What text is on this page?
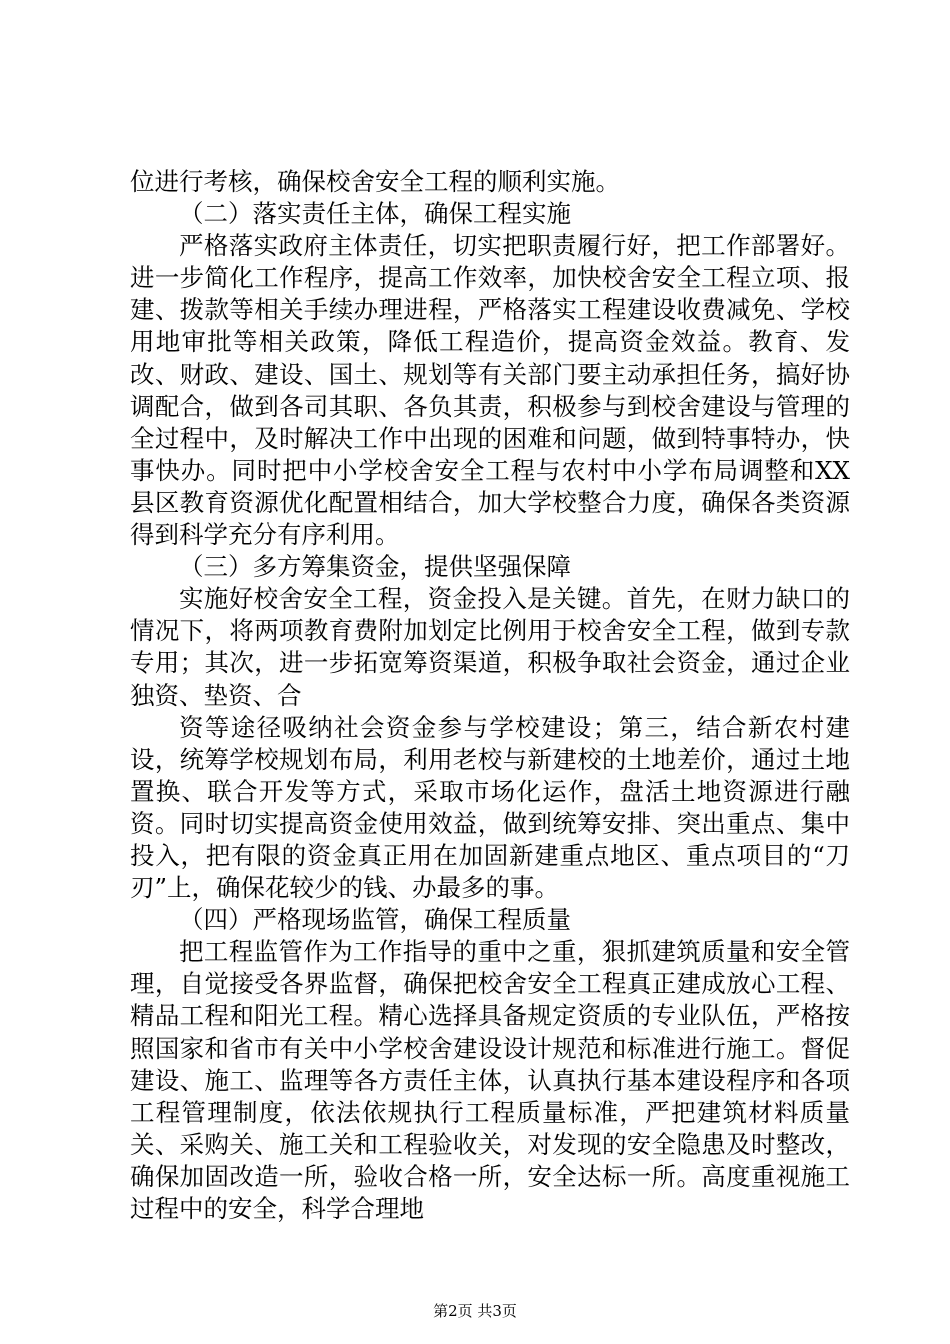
位进行考核，确保校舍安全工程的顺利实施。

（二）落实责任主体，确保工程实施

严格落实政府主体责任，切实把职责履行好，把工作部署好。进一步简化工作程序，提高工作效率，加快校舍安全工程立项、报建、拨款等相关手续办理进程，严格落实工程建设收费减免、学校用地审批等相关政策，降低工程造价，提高资金效益。教育、发改、财政、建设、国土、规划等有关部门要主动承担任务，搞好协调配合，做到各司其职、各负其责，积极参与到校舍建设与管理的全过程中，及时解决工作中出现的困难和问题，做到特事特办，快事快办。同时把中小学校舍安全工程与农村中小学布局调整和XX县区教育资源优化配置相结合，加大学校整合力度，确保各类资源得到科学充分有序利用。

（三）多方筹集资金，提供坚强保障

实施好校舍安全工程，资金投入是关键。首先，在财力缺口的情况下，将两项教育费附加划定比例用于校舍安全工程，做到专款专用；其次，进一步拓宽筹资渠道，积极争取社会资金，通过企业独资、垫资、合

资等途径吸纳社会资金参与学校建设；第三，结合新农村建设，统筹学校规划布局，利用老校与新建校的土地差价，通过土地置换、联合开发等方式，采取市场化运作，盘活土地资源进行融资。同时切实提高资金使用效益，做到统筹安排、突出重点、集中投入，把有限的资金真正用在加固新建重点地区、重点项目的“刀刃”上，确保花较少的钱、办最多的事。

（四）严格现场监管，确保工程质量

把工程监管作为工作指导的重中之重，狠抓建筑质量和安全管理，自觉接受各界监督，确保把校舍安全工程真正建成放心工程、精品工程和阳光工程。精心选择具备规定资质的专业队伍，严格按照国家和省市有关中小学校舍建设设计规范和标准进行施工。督促建设、施工、监理等各方责任主体，认真执行基本建设程序和各项工程管理制度，依法依规执行工程质量标准，严把建筑材料质量关、采购关、施工关和工程验收关，对发现的安全隐患及时整改，确保加固改造一所，验收合格一所，安全达标一所。高度重视施工过程中的安全，科学合理地

第2页 共3页
